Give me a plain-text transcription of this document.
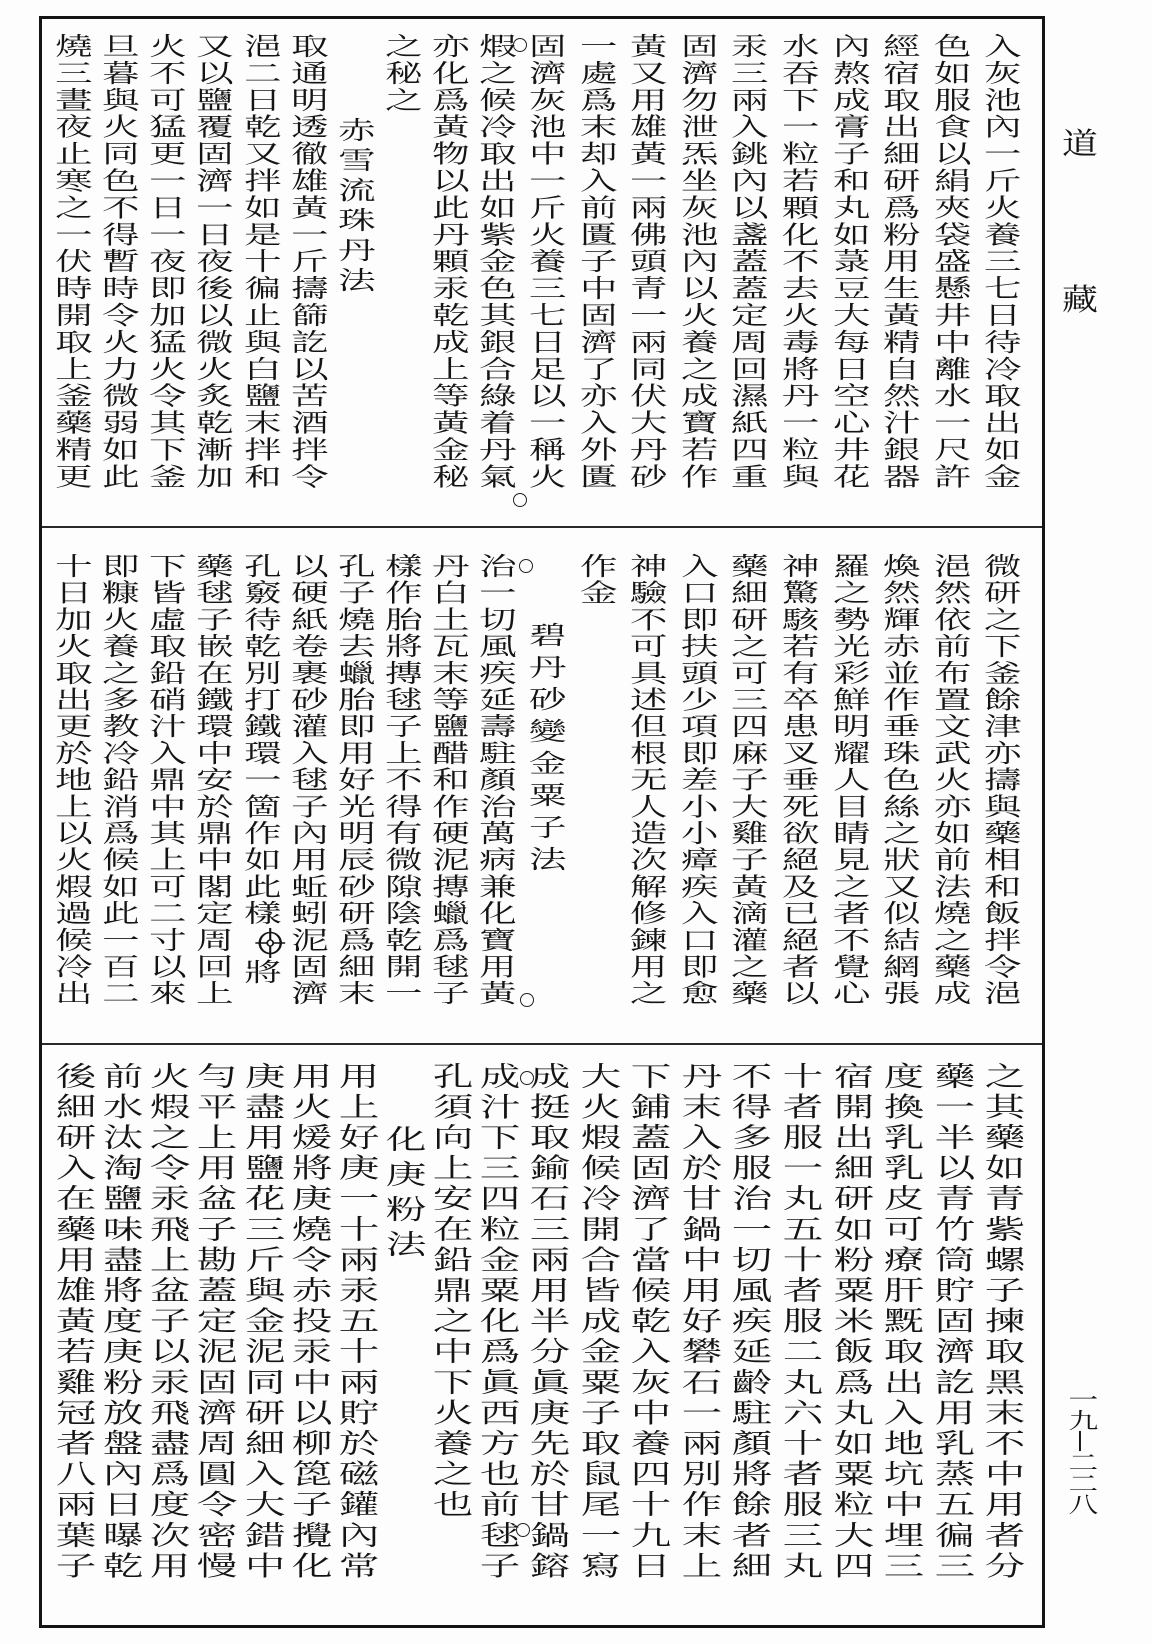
入灰池內一斤火養三七日待冷取出如金
色如服食以絹夾袋盛懸井中離水一尺許
經宿取出細研爲粉用生黃精自然汁銀器
內熬成膏子和丸如菉豆大每日空心井花
水吞下一粒若顆化不去火毒將丹一粒與
汞三兩入銚內以盞蓋蓋定周回濕紙四重
固濟勿泄炁坐灰池內以火養之成寶若作
黃又用雄黃一兩佛頭青一兩同伏大丹砂
一處爲末却入前匱子中固濟了亦入外匱
固濟灰池中一斤火養三七日足以一稱火
煆之候冷取出如紫金色其銀合綠着丹氣
亦化爲黃物以此丹顆汞乾成上等黃金秘
之秘之
赤雪流珠丹法
取通明透徹雄黃一斤擣篩訖以苦酒拌令
浥二日乾又拌如是十徧止與白鹽末拌和
又以鹽覆固濟一日夜後以微火炙乾漸加
火不可猛更一日一夜即加猛火令其下釜
旦暮與火同色不得暫時令火力微弱如此
燒三晝夜止寒之一伏時開取上釜藥精更
微研之下釜餘津亦擣與藥相和飯拌令浥
浥然依前布置文武火亦如前法燒之藥成
煥然輝赤並作垂珠色絲之狀又似結網張
羅之勢光彩鮮明耀人目睛見之者不覺心
神驚駭若有卒患叉垂死欲絕及已絕者以
藥細研之可三四麻子大雞子黃滴灌之藥
入口即扶頭少項即差小小瘴疾入口即愈
神驗不可具述但根无人造次解修鍊用之
作金
碧丹砂變金粟子法
治一切風疾延壽駐顏治萬病兼化寶用黃
丹白土瓦末等鹽醋和作硬泥摶蠟爲毬子
樣作胎將摶毬子上不得有微隙陰乾開一
孔子燒去蠟胎即用好光明辰砂研爲細末
以硬紙卷裹砂灌入毬子內用蚯蚓泥固濟
孔竅待乾別打鐵環一箇作如此樣
將
藥毬子嵌在鐵環中安於鼎中閣定周回上
下皆虛取鉛硝汁入鼎中其上可二寸以來
即糠火養之多教冷鉛消爲候如此一百二
十日加火取出更於地上以火煆過候冷出
之其藥如青紫螺子揀取黑末不中用者分
藥一半以青竹筒貯固濟訖用乳蒸五徧三
度換乳乳皮可療肝黖取出入地坑中埋三
宿開出細研如粉粟米飯爲丸如粟粒大四
十者服一丸五十者服二丸六十者服三丸
不得多服治一切風疾延齡駐顏將餘者細
丹末入於甘鍋中用好礬石一兩別作末上
下鋪蓋固濟了當候乾入灰中養四十九日
大火煆候冷開合皆成金粟子取鼠尾一寫
成挺取鍮石三兩用半分眞庚先於甘鍋鎔
成汁下三四粒金粟化爲眞西方也前毬子
孔須向上安在鉛鼎之中下火養之也
化庚粉法
用上好庚一十兩汞五十兩貯於磁鑵內常
用火煖將庚燒令赤投汞中以柳箆子攪化
庚盡用鹽花三斤與金泥同研細入大錯中
勻平上用盆子勘蓋定泥固濟周圓令密慢
火煆之令汞飛上盆子以汞飛盡爲度次用
前水汰淘鹽味盡將度庚粉放盤內日曝乾
後細研入在藥用雄黃若雞冠者八兩葉子
道
藏
一九—二二八
